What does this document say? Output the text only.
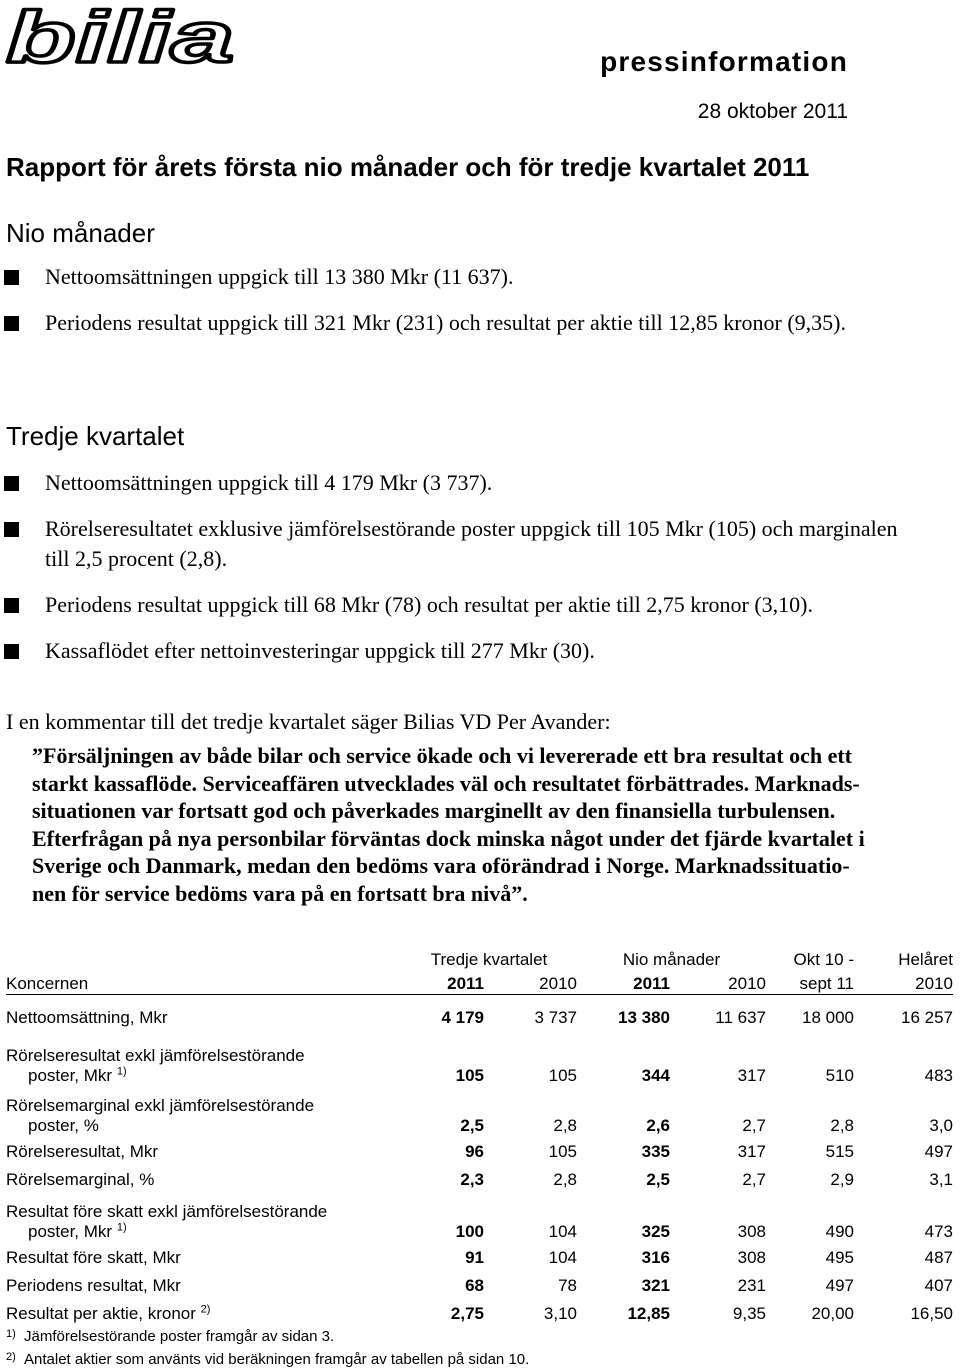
bilia	pressinformation
28 oktober 2011
Rapport för årets första nio månader och för tredje kvartalet 2011
Nio månader
Nettoomsättningen uppgick till 13 380 Mkr (11 637).
Periodens resultat uppgick till 321 Mkr (231) och resultat per aktie till 12,85 kronor (9,35).
Tredje kvartalet
Nettoomsättningen uppgick till 4 179 Mkr (3 737).
Rörelseresultatet exklusive jämförelsestörande poster uppgick till 105 Mkr (105) och marginalen till 2,5 procent (2,8).
Periodens resultat uppgick till 68 Mkr (78) och resultat per aktie till 2,75 kronor (3,10).
Kassaflödet efter nettoinvesteringar uppgick till 277 Mkr (30).
I en kommentar till det tredje kvartalet säger Bilias VD Per Avander:
”Försäljningen av både bilar och service ökade och vi levererade ett bra resultat och ett
starkt kassaflöde. Serviceaffären utvecklades väl och resultatet förbättrades. Marknads-
situationen var fortsatt god och påverkades marginellt av den finansiella turbulensen.
Efterfrågan på nya personbilar förväntas dock minska något under det fjärde kvartalet i
Sverige och Danmark, medan den bedöms vara oförändrad i Norge. Marknadssituatio-
nen för service bedöms vara på en fortsatt bra nivå”.
	Tredje kvartalet		Nio månader		Okt 10 -	Helåret
Koncernen	2011	2010	2011	2010	sept 11	2010
Nettoomsättning, Mkr	4 179	3 737	13 380	11 637	18 000	16 257
Rörelseresultat exkl jämförelsestörande
poster, Mkr $^{1)}$	105	105	344	317	510	483
Rörelsemarginal exkl jämförelsestörande
poster, %	2,5	2,8	2,6	2,7	2,8	3,0
Rörelseresultat, Mkr	96	105	335	317	515	497
Rörelsemarginal, %	2,3	2,8	2,5	2,7	2,9	3,1
Resultat före skatt exkl jämförelsestörande
poster, Mkr $^{1)}$	100	104	325	308	490	473
Resultat före skatt, Mkr	91	104	316	308	495	487
Periodens resultat, Mkr	68	78	321	231	497	407
Resultat per aktie, kronor $^{2)}$	2,75	3,10	12,85	9,35	20,00	16,50
1) Jämförelsestörande poster framgår av sidan 3.
2) Antalet aktier som använts vid beräkningen framgår av tabellen på sidan 10.
